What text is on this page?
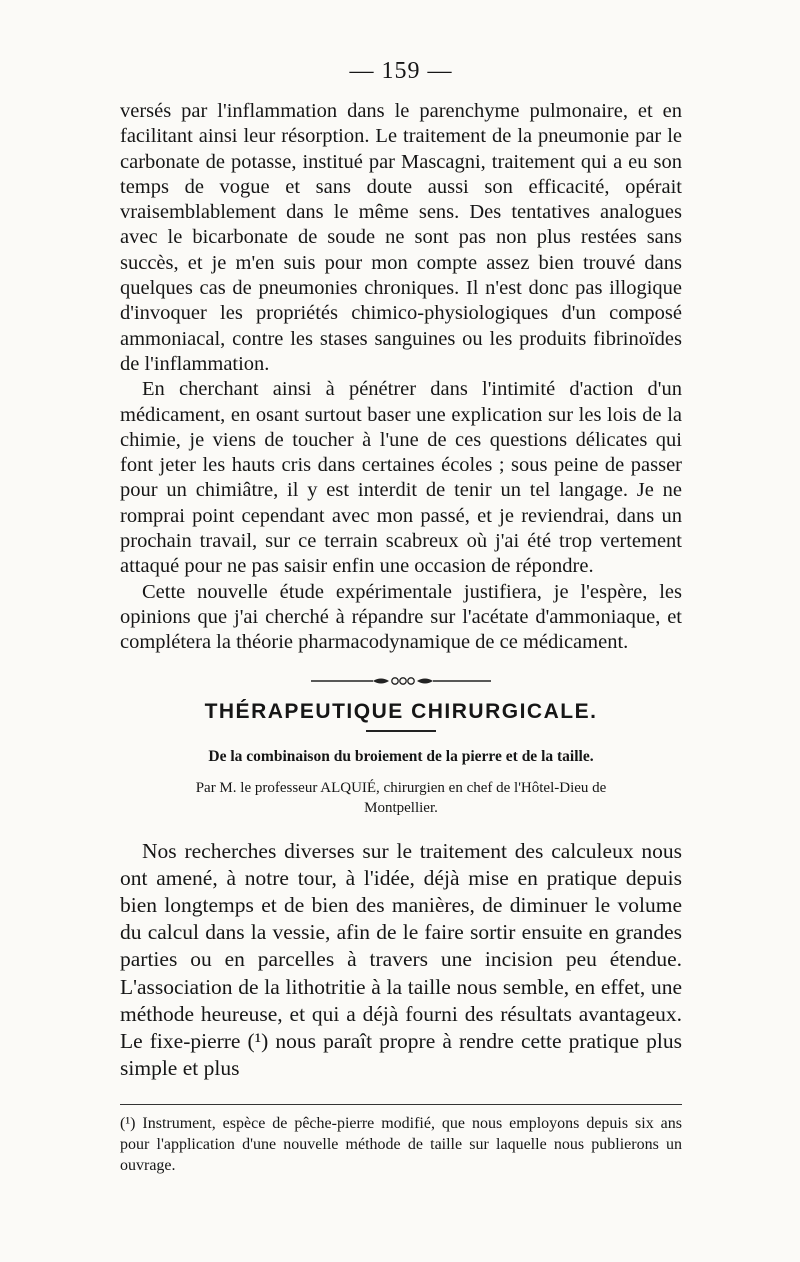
— 159 —

versés par l'inflammation dans le parenchyme pulmonaire, et en facilitant ainsi leur résorption. Le traitement de la pneumonie par le carbonate de potasse, institué par Mascagni, traitement qui a eu son temps de vogue et sans doute aussi son efficacité, opérait vraisemblablement dans le même sens. Des tentatives analogues avec le bicarbonate de soude ne sont pas non plus restées sans succès, et je m'en suis pour mon compte assez bien trouvé dans quelques cas de pneumonies chroniques. Il n'est donc pas illogique d'invoquer les propriétés chimico-physiologiques d'un composé ammoniacal, contre les stases sanguines ou les produits fibrinoïdes de l'inflammation.

En cherchant ainsi à pénétrer dans l'intimité d'action d'un médicament, en osant surtout baser une explication sur les lois de la chimie, je viens de toucher à l'une de ces questions délicates qui font jeter les hauts cris dans certaines écoles ; sous peine de passer pour un chimiâtre, il y est interdit de tenir un tel langage. Je ne romprai point cependant avec mon passé, et je reviendrai, dans un prochain travail, sur ce terrain scabreux où j'ai été trop vertement attaqué pour ne pas saisir enfin une occasion de répondre.

Cette nouvelle étude expérimentale justifiera, je l'espère, les opinions que j'ai cherché à répandre sur l'acétate d'ammoniaque, et complétera la théorie pharmacodynamique de ce médicament.

THÉRAPEUTIQUE CHIRURGICALE.
De la combinaison du broiement de la pierre et de la taille.
Par M. le professeur ALQUIÉ, chirurgien en chef de l'Hôtel-Dieu de Montpellier.

Nos recherches diverses sur le traitement des calculeux nous ont amené, à notre tour, à l'idée, déjà mise en pratique depuis bien longtemps et de bien des manières, de diminuer le volume du calcul dans la vessie, afin de le faire sortir ensuite en grandes parties ou en parcelles à travers une incision peu étendue. L'association de la lithotritie à la taille nous semble, en effet, une méthode heureuse, et qui a déjà fourni des résultats avantageux. Le fixe-pierre (¹) nous paraît propre à rendre cette pratique plus simple et plus

(¹) Instrument, espèce de pêche-pierre modifié, que nous employons depuis six ans pour l'application d'une nouvelle méthode de taille sur laquelle nous publierons un ouvrage.
